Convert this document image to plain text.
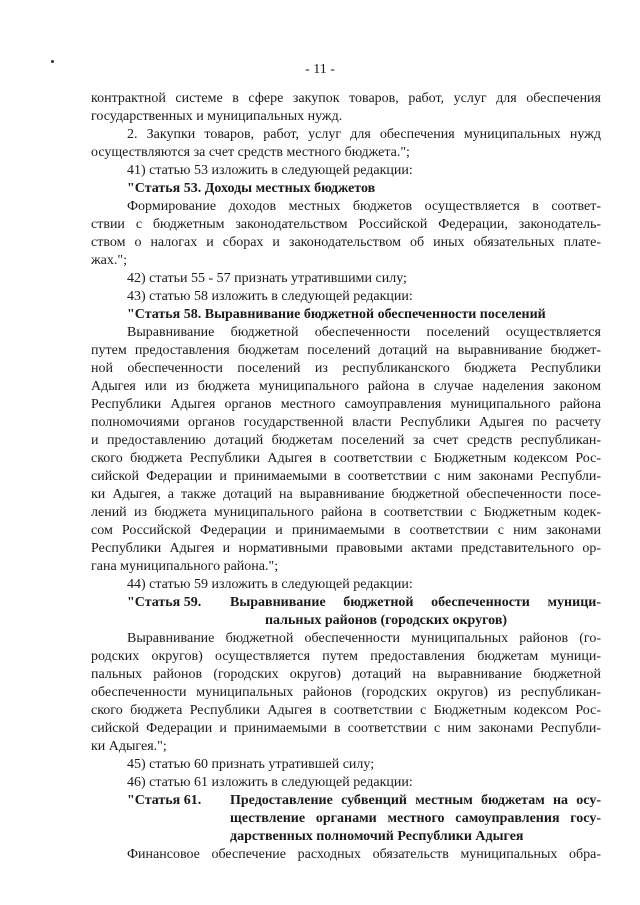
- 11 -
контрактной системе в сфере закупок товаров, работ, услуг для обеспечения
государственных и муниципальных нужд.
2. Закупки товаров, работ, услуг для обеспечения муниципальных нужд
осуществляются за счет средств местного бюджета.";
41) статью 53 изложить в следующей редакции:
"Статья 53. Доходы местных бюджетов
Формирование доходов местных бюджетов осуществляется в соответ-
ствии с бюджетным законодательством Российской Федерации, законодатель-
ством о налогах и сборах и законодательством об иных обязательных плате-
жах.";
42) статьи 55 - 57 признать утратившими силу;
43) статью 58 изложить в следующей редакции:
"Статья 58. Выравнивание бюджетной обеспеченности поселений
Выравнивание бюджетной обеспеченности поселений осуществляется
путем предоставления бюджетам поселений дотаций на выравнивание бюджет-
ной обеспеченности поселений из республиканского бюджета Республики
Адыгея или из бюджета муниципального района в случае наделения законом
Республики Адыгея органов местного самоуправления муниципального района
полномочиями органов государственной власти Республики Адыгея по расчету
и предоставлению дотаций бюджетам поселений за счет средств республикан-
ского бюджета Республики Адыгея в соответствии с Бюджетным кодексом Рос-
сийской Федерации и принимаемыми в соответствии с ним законами Республи-
ки Адыгея, а также дотаций на выравнивание бюджетной обеспеченности посе-
лений из бюджета муниципального района в соответствии с Бюджетным кодек-
сом Российской Федерации и принимаемыми в соответствии с ним законами
Республики Адыгея и нормативными правовыми актами представительного ор-
гана муниципального района.";
44) статью 59 изложить в следующей редакции:
"Статья 59.	Выравнивание бюджетной обеспеченности муници-
пальных районов (городских округов)
Выравнивание бюджетной обеспеченности муниципальных районов (го-
родских округов) осуществляется путем предоставления бюджетам муници-
пальных районов (городских округов) дотаций на выравнивание бюджетной
обеспеченности муниципальных районов (городских округов) из республикан-
ского бюджета Республики Адыгея в соответствии с Бюджетным кодексом Рос-
сийской Федерации и принимаемыми в соответствии с ним законами Республи-
ки Адыгея.";
45) статью 60 признать утратившей силу;
46) статью 61 изложить в следующей редакции:
"Статья 61.	Предоставление субвенций местным бюджетам на осу-
ществление органами местного самоуправления госу-
дарственных полномочий Республики Адыгея
Финансовое обеспечение расходных обязательств муниципальных обра-
